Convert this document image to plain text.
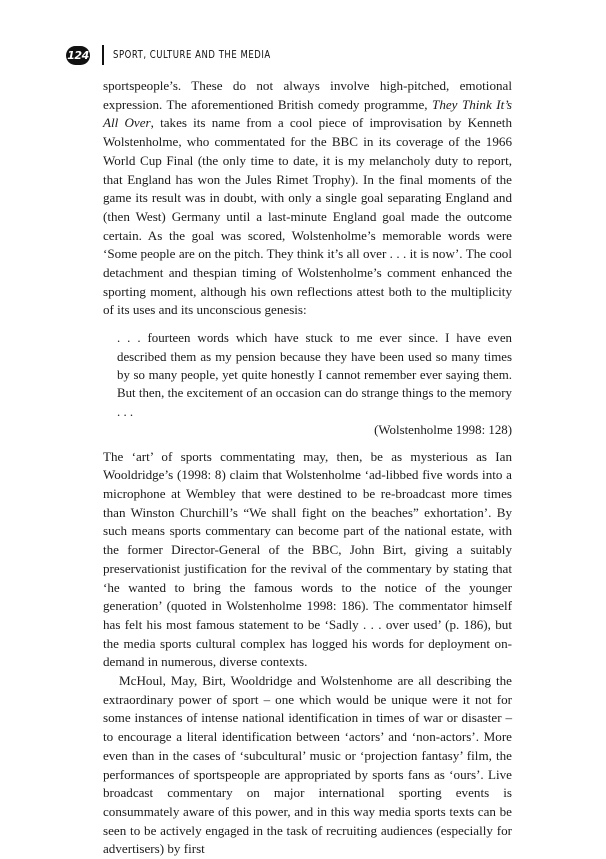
124 SPORT, CULTURE AND THE MEDIA

sportspeople’s. These do not always involve high-pitched, emotional expression. The aforementioned British comedy programme, They Think It’s All Over, takes its name from a cool piece of improvisation by Kenneth Wolstenholme, who commentated for the BBC in its coverage of the 1966 World Cup Final (the only time to date, it is my melancholy duty to report, that England has won the Jules Rimet Trophy). In the final moments of the game its result was in doubt, with only a single goal separating England and (then West) Germany until a last-minute England goal made the outcome certain. As the goal was scored, Wolstenholme’s memorable words were ‘Some people are on the pitch. They think it’s all over . . . it is now’. The cool detachment and thespian timing of Wolstenholme’s comment enhanced the sporting moment, although his own reflections attest both to the multiplicity of its uses and its unconscious genesis:

. . . fourteen words which have stuck to me ever since. I have even described them as my pension because they have been used so many times by so many people, yet quite honestly I cannot remember ever saying them. But then, the excitement of an occasion can do strange things to the memory . . .

(Wolstenholme 1998: 128)

The ‘art’ of sports commentating may, then, be as mysterious as Ian Wooldridge’s (1998: 8) claim that Wolstenholme ‘ad-libbed five words into a microphone at Wembley that were destined to be re-broadcast more times than Winston Churchill’s “We shall fight on the beaches” exhortation’. By such means sports commentary can become part of the national estate, with the former Director-General of the BBC, John Birt, giving a suitably preservationist justification for the revival of the commentary by stating that ‘he wanted to bring the famous words to the notice of the younger generation’ (quoted in Wolstenholme 1998: 186). The commentator himself has felt his most famous statement to be ‘Sadly . . . over used’ (p. 186), but the media sports cultural complex has logged his words for deployment on-demand in numerous, diverse contexts.

McHoul, May, Birt, Wooldridge and Wolstenhome are all describing the extraordinary power of sport – one which would be unique were it not for some instances of intense national identification in times of war or disaster – to encourage a literal identification between ‘actors’ and ‘non-actors’. More even than in the cases of ‘subcultural’ music or ‘projection fantasy’ film, the performances of sportspeople are appropriated by sports fans as ‘ours’. Live broadcast commentary on major international sporting events is consummately aware of this power, and in this way media sports texts can be seen to be actively engaged in the task of recruiting audiences (especially for advertisers) by first
